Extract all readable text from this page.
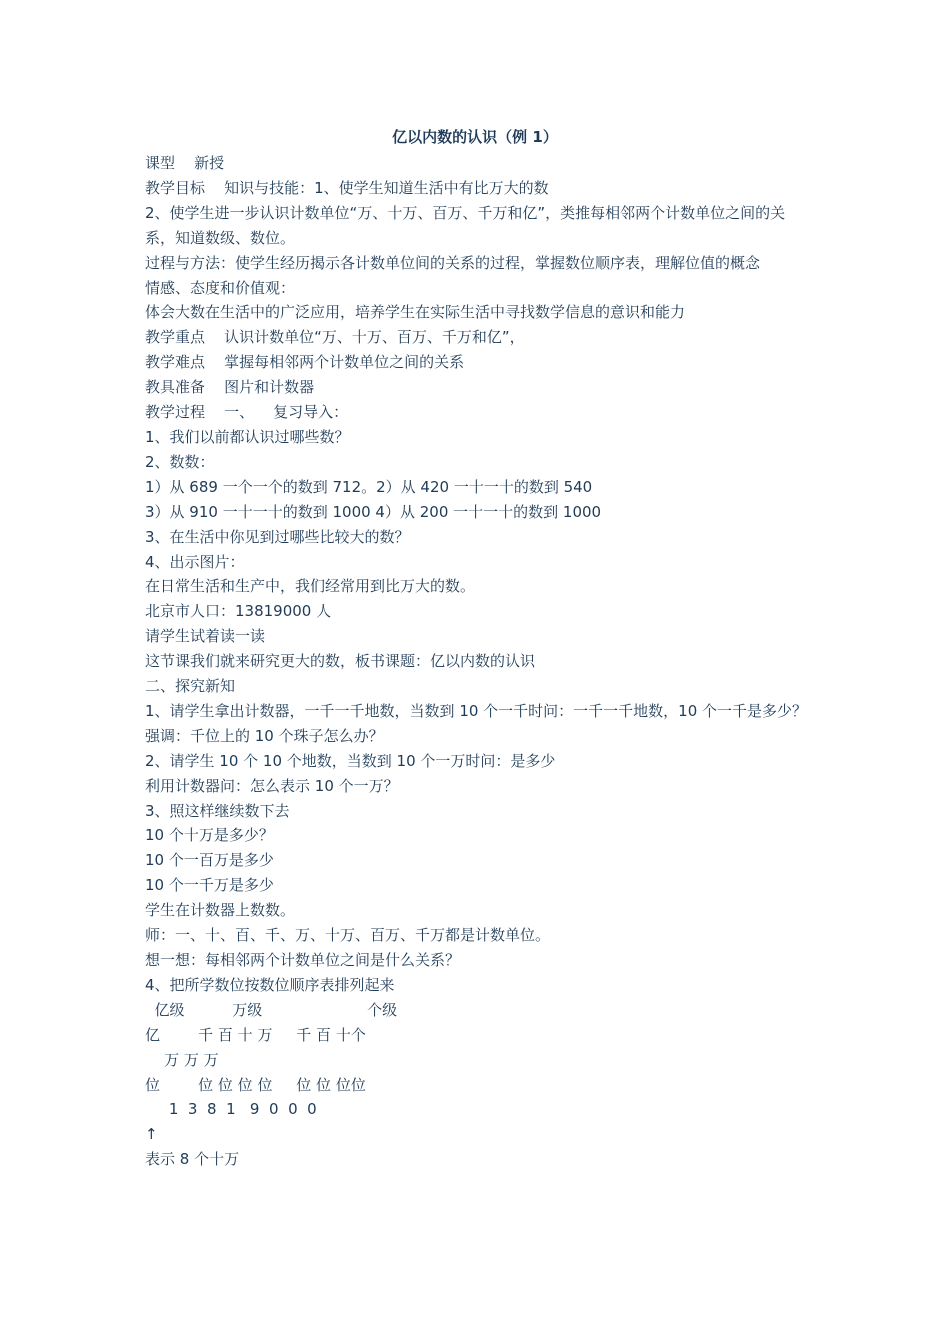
亿以内数的认识（例 1）

课型    新授

教学目标    知识与技能：1、使学生知道生活中有比万大的数

2、使学生进一步认识计数单位“万、十万、百万、千万和亿”，类推每相邻两个计数单位之间的关系，知道数级、数位。

过程与方法：使学生经历揭示各计数单位间的关系的过程，掌握数位顺序表，理解位值的概念

情感、态度和价值观：

体会大数在生活中的广泛应用，培养学生在实际生活中寻找数学信息的意识和能力

教学重点    认识计数单位“万、十万、百万、千万和亿”，

教学难点    掌握每相邻两个计数单位之间的关系

教具准备    图片和计数器

教学过程    一、    复习导入：

1、我们以前都认识过哪些数？

2、数数：

1）从 689 一个一个的数到 712。2）从 420 一十一十的数到 540

3）从 910 一十一十的数到 1000 4）从 200 一十一十的数到 1000

3、在生活中你见到过哪些比较大的数？

4、出示图片：

在日常生活和生产中，我们经常用到比万大的数。

北京市人口：13819000 人

请学生试着读一读

这节课我们就来研究更大的数，板书课题：亿以内数的认识

二、探究新知

1、请学生拿出计数器，一千一千地数，当数到 10 个一千时问：一千一千地数，10 个一千是多少？

强调：千位上的 10 个珠子怎么办？

2、请学生 10 个 10 个地数，当数到 10 个一万时问：是多少

利用计数器问：怎么表示 10 个一万？

3、照这样继续数下去

10 个十万是多少？

10 个一百万是多少

10 个一千万是多少

学生在计数器上数数。

师：一、十、百、千、万、十万、百万、千万都是计数单位。

想一想：每相邻两个计数单位之间是什么关系？

4、把所学数位按数位顺序表排列起来

亿级          万级                      个级

亿        千 百 十 万     千 百 十个

万 万 万

位        位 位 位 位     位 位 位位

1  3  8  1   9  0  0  0

↑

表示 8 个十万
